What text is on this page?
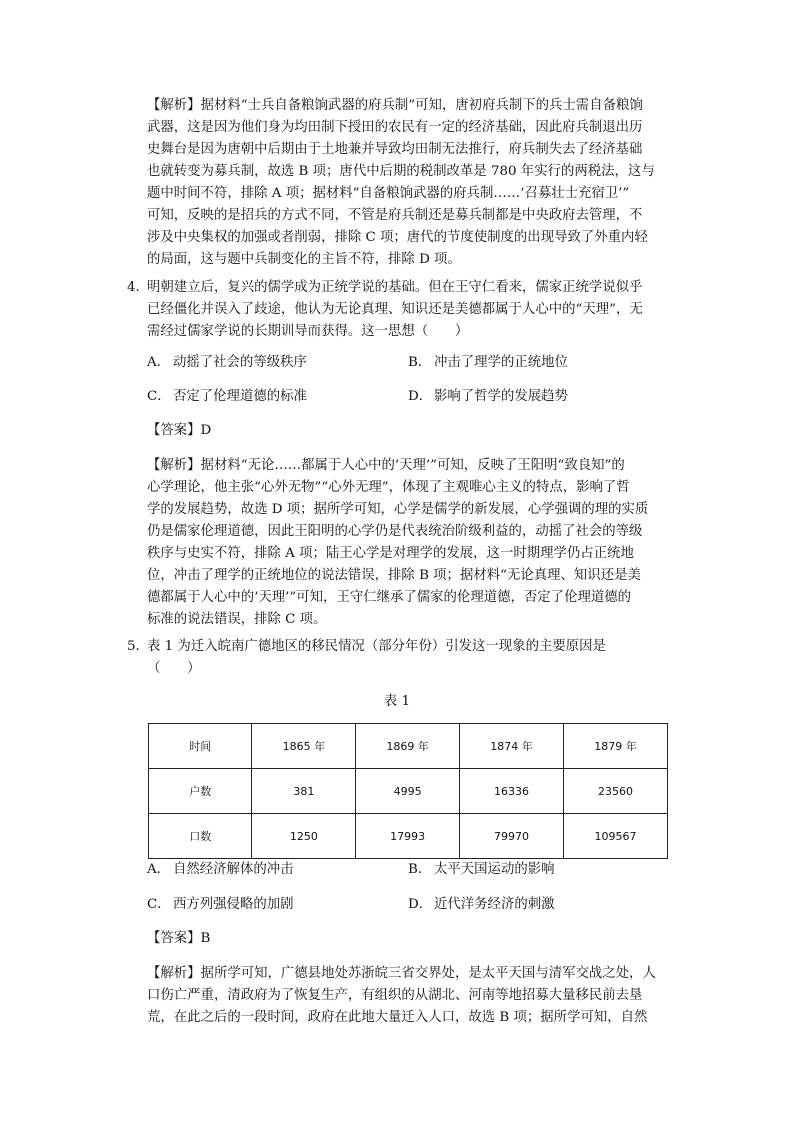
【解析】据材料“士兵自备粮饷武器的府兵制”可知，唐初府兵制下的兵士需自备粮饷
武器，这是因为他们身为均田制下授田的农民有一定的经济基础，因此府兵制退出历
史舞台是因为唐朝中后期由于土地兼并导致均田制无法推行，府兵制失去了经济基础
也就转变为募兵制，故选 B 项；唐代中后期的税制改革是 780 年实行的两税法，这与
题中时间不符，排除 A 项；据材料“自备粮饷武器的府兵制……‘召募壮士充宿卫’”
可知，反映的是招兵的方式不同，不管是府兵制还是募兵制都是中央政府去管理，不
涉及中央集权的加强或者削弱，排除 C 项；唐代的节度使制度的出现导致了外重内轻
的局面，这与题中兵制变化的主旨不符，排除 D 项。
4．
明朝建立后，复兴的儒学成为正统学说的基础。但在王守仁看来，儒家正统学说似乎
已经僵化并误入了歧途，他认为无论真理、知识还是美德都属于人心中的“天理”，无
需经过儒家学说的长期训导而获得。这一思想（　　）
A． 动摇了社会的等级秩序	B． 冲击了理学的正统地位
C． 否定了伦理道德的标准	D． 影响了哲学的发展趋势
【答案】D
【解析】据材料“无论……都属于人心中的‘天理’”可知，反映了王阳明“致良知”的
心学理论，他主张“心外无物”“心外无理”，体现了主观唯心主义的特点，影响了哲
学的发展趋势，故选 D 项；据所学可知，心学是儒学的新发展，心学强调的理的实质
仍是儒家伦理道德，因此王阳明的心学仍是代表统治阶级利益的，动摇了社会的等级
秩序与史实不符，排除 A 项；陆王心学是对理学的发展，这一时期理学仍占正统地
位，冲击了理学的正统地位的说法错误，排除 B 项；据材料“无论真理、知识还是美
德都属于人心中的‘天理’”可知，王守仁继承了儒家的伦理道德，否定了伦理道德的
标准的说法错误，排除 C 项。
5．
表 1 为迁入皖南广德地区的移民情况（部分年份）引发这一现象的主要原因是
（　　）
表 1
时间	1865 年	1869 年	1874 年	1879 年
户数	381	4995	16336	23560
口数	1250	17993	79970	109567
A． 自然经济解体的冲击	B． 太平天国运动的影响
C． 西方列强侵略的加剧	D． 近代洋务经济的刺激
【答案】B
【解析】据所学可知，广德县地处苏浙皖三省交界处，是太平天国与清军交战之处，人
口伤亡严重，清政府为了恢复生产，有组织的从湖北、河南等地招募大量移民前去垦
荒，在此之后的一段时间，政府在此地大量迁入人口，故选 B 项；据所学可知，自然
